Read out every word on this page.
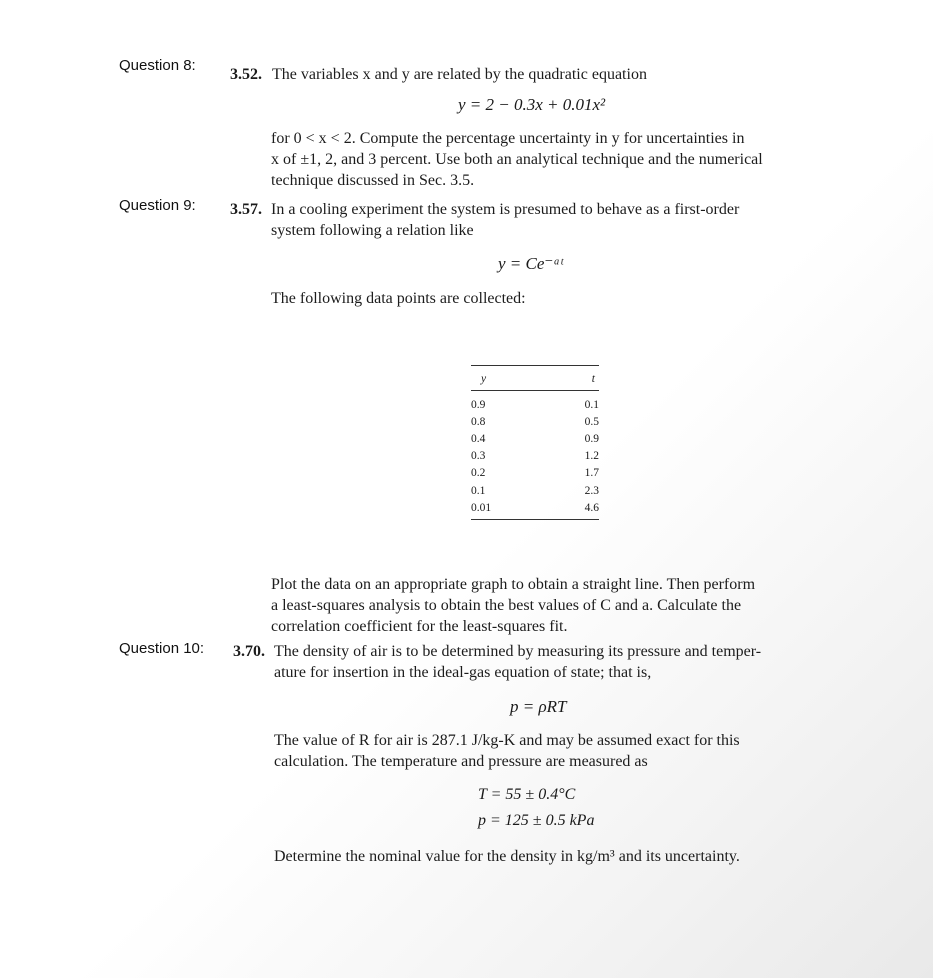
Question 8:
3.52. The variables x and y are related by the quadratic equation
y = 2 − 0.3x + 0.01x²
for 0 < x < 2. Compute the percentage uncertainty in y for uncertainties in
x of ±1, 2, and 3 percent. Use both an analytical technique and the numerical
technique discussed in Sec. 3.5.
Question 9: 3.57. In a cooling experiment the system is presumed to behave as a first-order
system following a relation like
y = Ce⁻ᵃᵗ
The following data points are collected:
y	t
0.9	0.1
0.8	0.5
0.4	0.9
0.3	1.2
0.2	1.7
0.1	2.3
0.01	4.6
Plot the data on an appropriate graph to obtain a straight line. Then perform
a least-squares analysis to obtain the best values of C and a. Calculate the
correlation coefficient for the least-squares fit.
Question 10: 3.70. The density of air is to be determined by measuring its pressure and temper-
ature for insertion in the ideal-gas equation of state; that is,
p = ρRT
The value of R for air is 287.1 J/kg-K and may be assumed exact for this
calculation. The temperature and pressure are measured as
T = 55 ± 0.4°C
p = 125 ± 0.5 kPa
Determine the nominal value for the density in kg/m³ and its uncertainty.
